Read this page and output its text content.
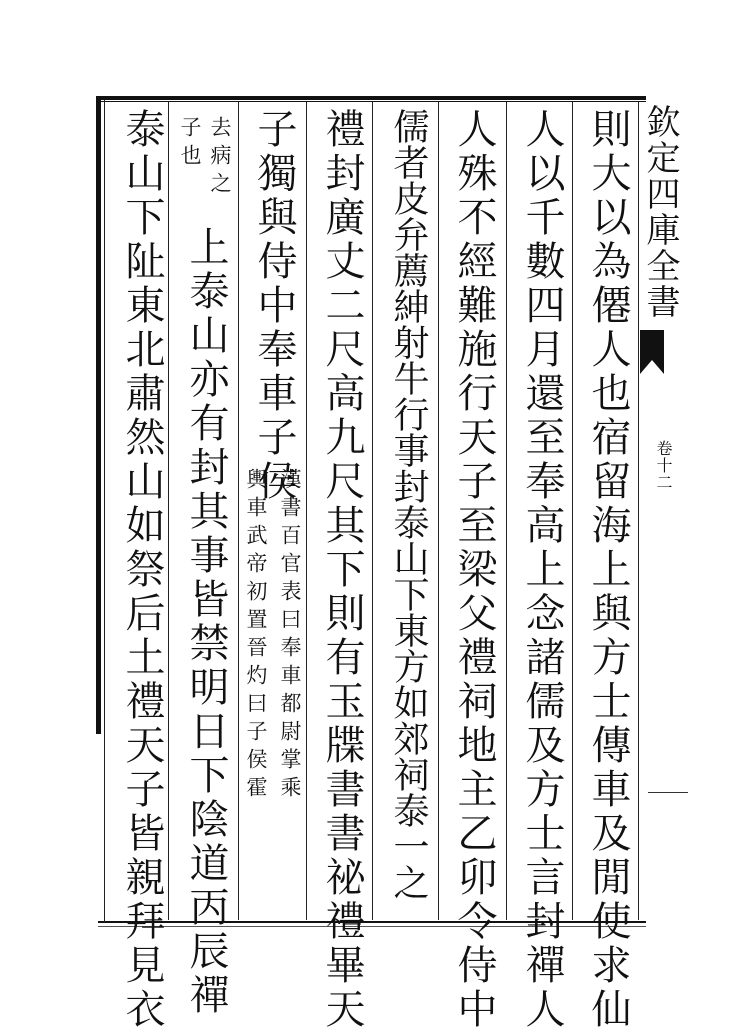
欽定四庫全書
卷十二
則大以為僊人也宿留海上與方士傳車及閒使求仙
人以千數四月還至奉高上念諸儒及方士言封禪人
人殊不經難施行天子至梁父禮祠地主乙卯令侍中
儒者皮弁薦紳射牛行事封泰山下東方如郊祠泰一之
禮封廣丈二尺高九尺其下則有玉牒書書祕禮畢天
子獨與侍中奉車子侯
漢書百官表曰奉車都尉掌乘
輿車武帝初置晉灼曰子侯霍
上泰山亦有封其事皆禁明日下陰道丙辰禪
去病之
子也
泰山下阯東北肅然山如祭后土禮天子皆親拜見衣
